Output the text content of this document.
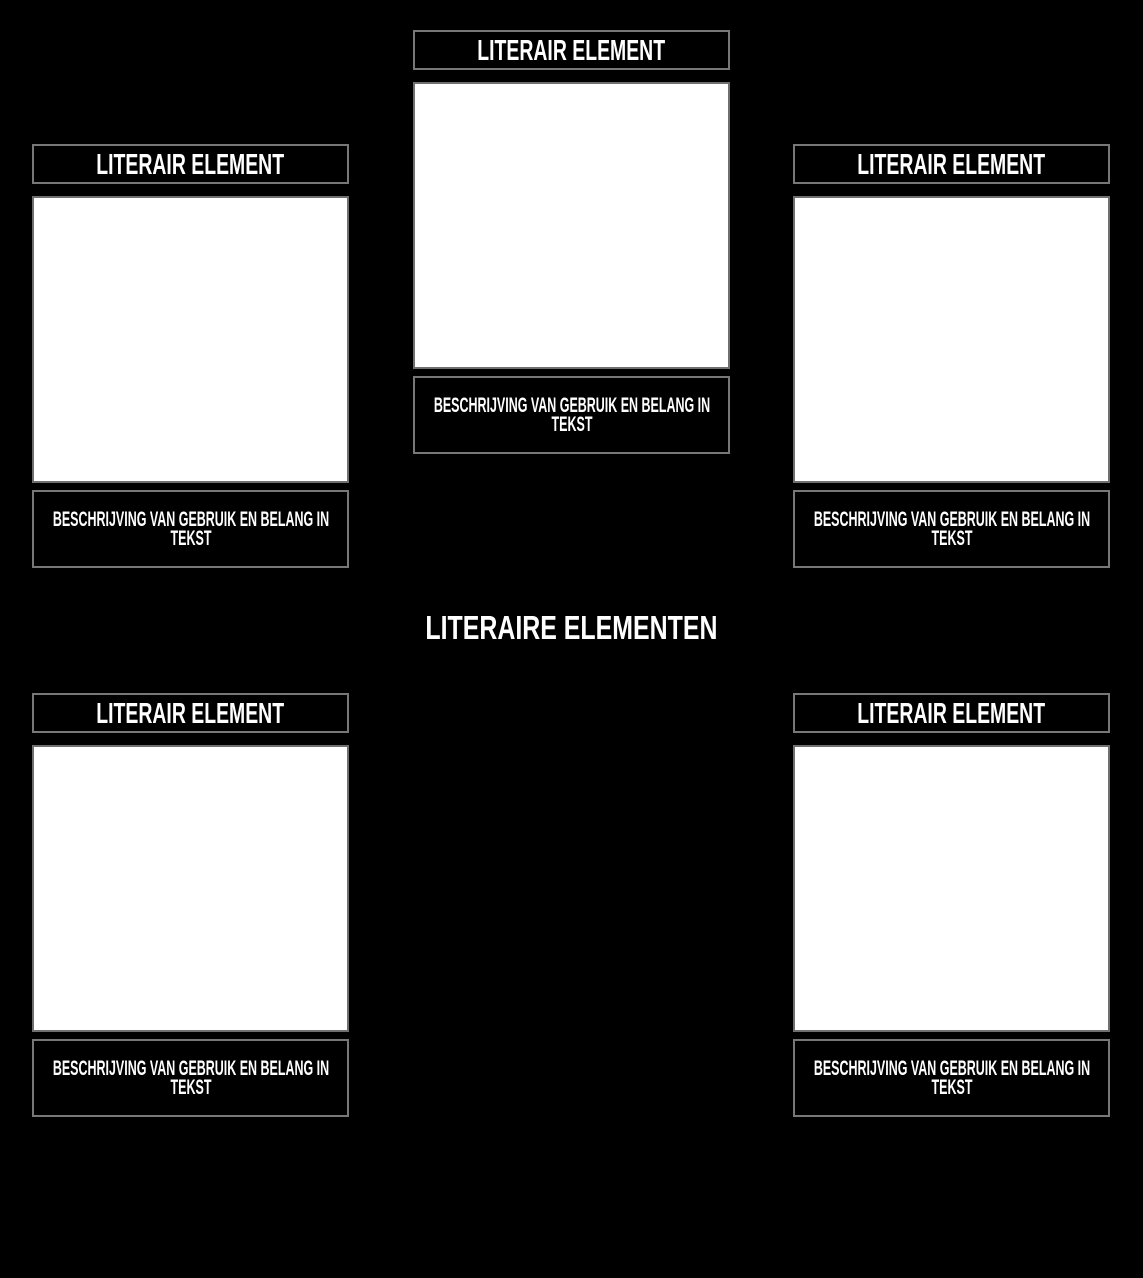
LITERAIR ELEMENT
BESCHRIJVING VAN GEBRUIK EN BELANG IN TEKST
LITERAIR ELEMENT
BESCHRIJVING VAN GEBRUIK EN BELANG IN TEKST
LITERAIR ELEMENT
BESCHRIJVING VAN GEBRUIK EN BELANG IN TEKST
LITERAIRE ELEMENTEN
LITERAIR ELEMENT
BESCHRIJVING VAN GEBRUIK EN BELANG IN TEKST
LITERAIR ELEMENT
BESCHRIJVING VAN GEBRUIK EN BELANG IN TEKST
